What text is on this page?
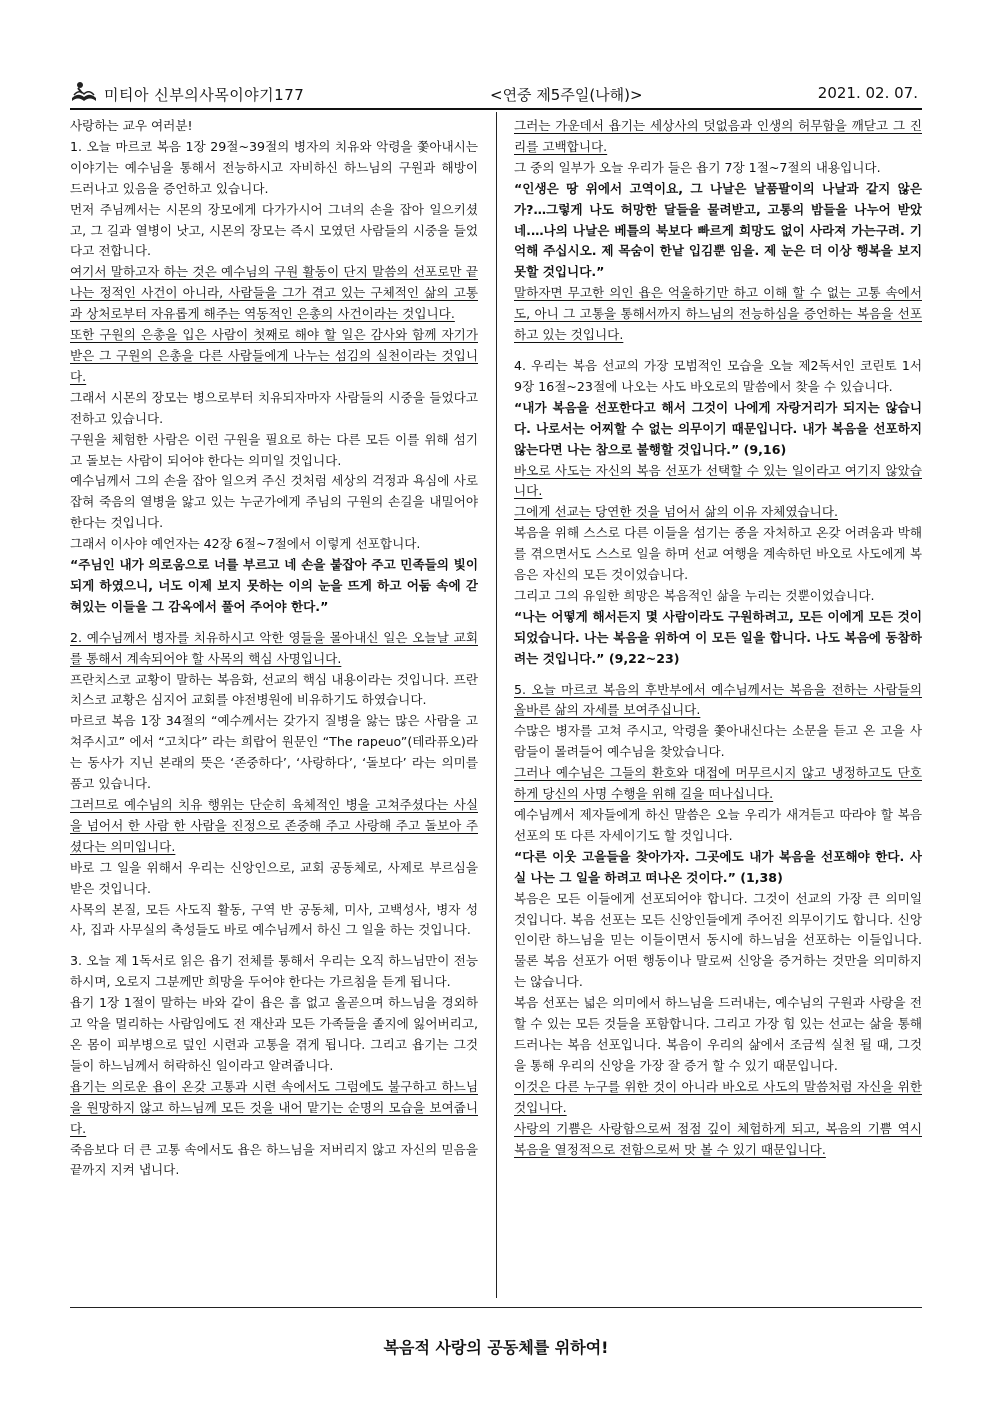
미티아 신부의사목이야기177	<연중 제5주일(나해)>	2021. 02. 07.

사랑하는 교우 여러분!

1. 오늘 마르코 복음 1장 29절~39절의 병자의 치유와 악령을 쫓아내시는 이야기는 예수님을 통해서 전능하시고 자비하신 하느님의 구원과 해방이 드러나고 있음을 증언하고 있습니다.

먼저 주님께서는 시몬의 장모에게 다가가시어 그녀의 손을 잡아 일으키셨고, 그 길과 열병이 낫고, 시몬의 장모는 즉시 모였던 사람들의 시중을 들었다고 전합니다.

여기서 말하고자 하는 것은 예수님의 구원 활동이 단지 말씀의 선포로만 끝나는 정적인 사건이 아니라, 사람들을 그가 겪고 있는 구체적인 삶의 고통과 상처로부터 자유롭게 해주는 역동적인 은총의 사건이라는 것입니다.

또한 구원의 은총을 입은 사람이 첫째로 해야 할 일은 감사와 함께 자기가 받은 그 구원의 은총을 다른 사람들에게 나누는 섬김의 실천이라는 것입니다.

그래서 시몬의 장모는 병으로부터 치유되자마자 사람들의 시중을 들었다고 전하고 있습니다.

구원을 체험한 사람은 이런 구원을 필요로 하는 다른 모든 이를 위해 섬기고 돌보는 사람이 되어야 한다는 의미일 것입니다.

예수님께서 그의 손을 잡아 일으켜 주신 것처럼 세상의 걱정과 욕심에 사로잡혀 죽음의 열병을 앓고 있는 누군가에게 주님의 구원의 손길을 내밀어야 한다는 것입니다.

그래서 이사야 예언자는 42장 6절~7절에서 이렇게 선포합니다.

“주님인 내가 의로움으로 너를 부르고 네 손을 붙잡아 주고 민족들의 빛이 되게 하였으니, 너도 이제 보지 못하는 이의 눈을 뜨게 하고 어둠 속에 갇혀있는 이들을 그 감옥에서 풀어 주어야 한다.”

2. 예수님께서 병자를 치유하시고 악한 영들을 몰아내신 일은 오늘날 교회를 통해서 계속되어야 할 사목의 핵심 사명입니다.

프란치스코 교황이 말하는 복음화, 선교의 핵심 내용이라는 것입니다. 프란치스코 교황은 심지어 교회를 야전병원에 비유하기도 하였습니다.

마르코 복음 1장 34절의 “예수께서는 갖가지 질병을 앓는 많은 사람을 고쳐주시고” 에서 “고치다” 라는 희랍어 원문인 “The rapeuo”(테라퓨오)라는 동사가 지닌 본래의 뜻은 ‘존중하다’, ‘사랑하다’, ‘돌보다’ 라는 의미를 품고 있습니다.

그러므로 예수님의 치유 행위는 단순히 육체적인 병을 고쳐주셨다는 사실을 넘어서 한 사람 한 사람을 진정으로 존중해 주고 사랑해 주고 돌보아 주셨다는 의미입니다.

바로 그 일을 위해서 우리는 신앙인으로, 교회 공동체로, 사제로 부르심을 받은 것입니다.

사목의 본질, 모든 사도직 활동, 구역 반 공동체, 미사, 고백성사, 병자 성사, 집과 사무실의 축성들도 바로 예수님께서 하신 그 일을 하는 것입니다.

3. 오늘 제 1독서로 읽은 욥기 전체를 통해서 우리는 오직 하느님만이 전능하시며, 오로지 그분께만 희망을 두어야 한다는 가르침을 듣게 됩니다.

욥기 1장 1절이 말하는 바와 같이 욥은 흠 없고 올곧으며 하느님을 경외하고 악을 멀리하는 사람임에도 전 재산과 모든 가족들을 졸지에 잃어버리고, 온 몸이 피부병으로 덮인 시련과 고통을 겪게 됩니다. 그리고 욥기는 그것들이 하느님께서 허락하신 일이라고 알려줍니다.

욥기는 의로운 욥이 온갖 고통과 시련 속에서도 그럼에도 불구하고 하느님을 원망하지 않고 하느님께 모든 것을 내어 맡기는 순명의 모습을 보여줍니다.

죽음보다 더 큰 고통 속에서도 욥은 하느님을 저버리지 않고 자신의 믿음을 끝까지 지켜 냅니다.

그러는 가운데서 욥기는 세상사의 덧없음과 인생의 허무함을 깨닫고 그 진리를 고백합니다.

그 중의 일부가 오늘 우리가 들은 욥기 7장 1절~7절의 내용입니다.

“인생은 땅 위에서 고역이요, 그 나날은 날품팔이의 나날과 같지 않은가?…그렇게 나도 허망한 달들을 물려받고, 고통의 밤들을 나누어 받았네.…나의 나날은 베틀의 북보다 빠르게 희망도 없이 사라져 가는구려. 기억해 주십시오. 제 목숨이 한낱 입김뿐 임을. 제 눈은 더 이상 행복을 보지 못할 것입니다.”

말하자면 무고한 의인 욥은 억울하기만 하고 이해 할 수 없는 고통 속에서도, 아니 그 고통을 통해서까지 하느님의 전능하심을 증언하는 복음을 선포하고 있는 것입니다.

4. 우리는 복음 선교의 가장 모범적인 모습을 오늘 제2독서인 코린토 1서 9장 16절~23절에 나오는 사도 바오로의 말씀에서 찾을 수 있습니다.

“내가 복음을 선포한다고 해서 그것이 나에게 자랑거리가 되지는 않습니다. 나로서는 어찌할 수 없는 의무이기 때문입니다. 내가 복음을 선포하지 않는다면 나는 참으로 불행할 것입니다.” (9,16)

바오로 사도는 자신의 복음 선포가 선택할 수 있는 일이라고 여기지 않았습니다.

그에게 선교는 당연한 것을 넘어서 삶의 이유 자체였습니다.

복음을 위해 스스로 다른 이들을 섬기는 종을 자처하고 온갖 어려움과 박해를 겪으면서도 스스로 일을 하며 선교 여행을 계속하던 바오로 사도에게 복음은 자신의 모든 것이었습니다.

그리고 그의 유일한 희망은 복음적인 삶을 누리는 것뿐이었습니다.

“나는 어떻게 해서든지 몇 사람이라도 구원하려고, 모든 이에게 모든 것이 되었습니다. 나는 복음을 위하여 이 모든 일을 합니다. 나도 복음에 동참하려는 것입니다.” (9,22~23)

5. 오늘 마르코 복음의 후반부에서 예수님께서는 복음을 전하는 사람들의 올바른 삶의 자세를 보여주십니다.

수많은 병자를 고쳐 주시고, 악령을 쫓아내신다는 소문을 듣고 온 고을 사람들이 몰려들어 예수님을 찾았습니다.

그러나 예수님은 그들의 환호와 대접에 머무르시지 않고 냉정하고도 단호하게 당신의 사명 수행을 위해 길을 떠나십니다.

예수님께서 제자들에게 하신 말씀은 오늘 우리가 새겨듣고 따라야 할 복음 선포의 또 다른 자세이기도 할 것입니다.

“다른 이웃 고을들을 찾아가자. 그곳에도 내가 복음을 선포해야 한다. 사실 나는 그 일을 하려고 떠나온 것이다.” (1,38)

복음은 모든 이들에게 선포되어야 합니다. 그것이 선교의 가장 큰 의미일 것입니다. 복음 선포는 모든 신앙인들에게 주어진 의무이기도 합니다. 신앙인이란 하느님을 믿는 이들이면서 동시에 하느님을 선포하는 이들입니다. 물론 복음 선포가 어떤 행동이나 말로써 신앙을 증거하는 것만을 의미하지는 않습니다.

복음 선포는 넓은 의미에서 하느님을 드러내는, 예수님의 구원과 사랑을 전할 수 있는 모든 것들을 포함합니다. 그리고 가장 힘 있는 선교는 삶을 통해 드러나는 복음 선포입니다. 복음이 우리의 삶에서 조금씩 실천 될 때, 그것을 통해 우리의 신앙을 가장 잘 증거 할 수 있기 때문입니다.

이것은 다른 누구를 위한 것이 아니라 바오로 사도의 말씀처럼 자신을 위한 것입니다.

사랑의 기쁨은 사랑함으로써 점점 깊이 체험하게 되고, 복음의 기쁨 역시 복음을 열정적으로 전함으로써 맛 볼 수 있기 때문입니다.

복음적 사랑의 공동체를 위하여!
